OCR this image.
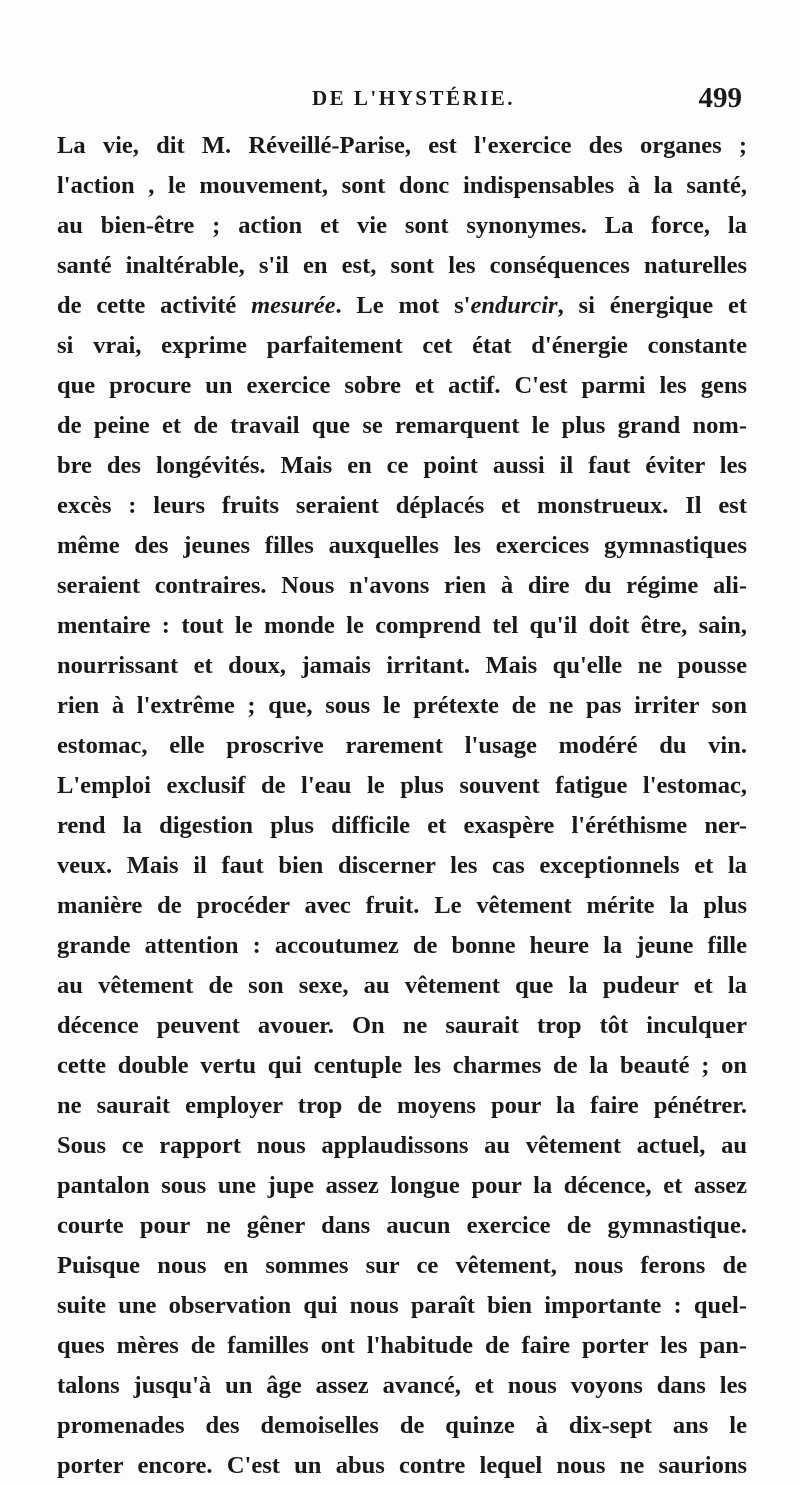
DE L'HYSTÉRIE.	499
La vie, dit M. Réveillé-Parise, est l'exercice des organes ;
l'action , le mouvement, sont donc indispensables à la santé,
au bien-être ; action et vie sont synonymes. La force, la
santé inaltérable, s'il en est, sont les conséquences naturelles
de cette activité mesurée. Le mot s'endurcir, si énergique et
si vrai, exprime parfaitement cet état d'énergie constante
que procure un exercice sobre et actif. C'est parmi les gens
de peine et de travail que se remarquent le plus grand nom-
bre des longévités. Mais en ce point aussi il faut éviter les
excès : leurs fruits seraient déplacés et monstrueux. Il est
même des jeunes filles auxquelles les exercices gymnastiques
seraient contraires. Nous n'avons rien à dire du régime ali-
mentaire : tout le monde le comprend tel qu'il doit être, sain,
nourrissant et doux, jamais irritant. Mais qu'elle ne pousse
rien à l'extrême ; que, sous le prétexte de ne pas irriter son
estomac, elle proscrive rarement l'usage modéré du vin.
L'emploi exclusif de l'eau le plus souvent fatigue l'estomac,
rend la digestion plus difficile et exaspère l'éréthisme ner-
veux. Mais il faut bien discerner les cas exceptionnels et la
manière de procéder avec fruit. Le vêtement mérite la plus
grande attention : accoutumez de bonne heure la jeune fille
au vêtement de son sexe, au vêtement que la pudeur et la
décence peuvent avouer. On ne saurait trop tôt inculquer
cette double vertu qui centuple les charmes de la beauté ; on
ne saurait employer trop de moyens pour la faire pénétrer.
Sous ce rapport nous applaudissons au vêtement actuel, au
pantalon sous une jupe assez longue pour la décence, et assez
courte pour ne gêner dans aucun exercice de gymnastique.
Puisque nous en sommes sur ce vêtement, nous ferons de
suite une observation qui nous paraît bien importante : quel-
ques mères de familles ont l'habitude de faire porter les pan-
talons jusqu'à un âge assez avancé, et nous voyons dans les
promenades des demoiselles de quinze à dix-sept ans le
porter encore. C'est un abus contre lequel nous ne saurions
